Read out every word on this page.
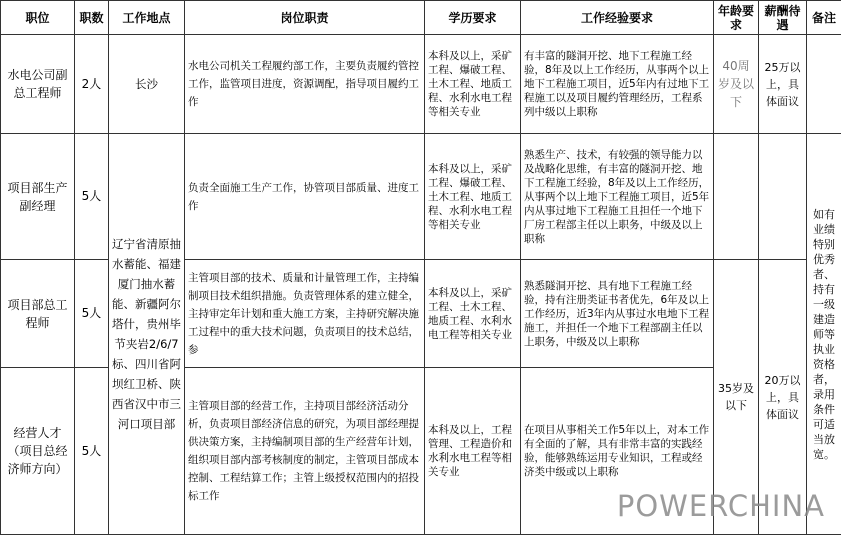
职位	职数	工作地点	岗位职责	学历要求	工作经验要求	年龄要求	薪酬待遇	备注
水电公司副总工程师	2人	长沙	水电公司机关工程履约部工作，主要负责履约管控工作，监管项目进度，资源调配，指导项目履约工作	本科及以上，采矿工程、爆破工程、土木工程、地质工程、水利水电工程等相关专业	有丰富的隧洞开挖、地下工程施工经验，8年及以上工作经历，从事两个以上地下工程施工项目，近5年内有过地下工程施工以及项目履约管理经历，工程系列中级以上职称	40周岁及以下	25万以上，具体面议	
项目部生产副经理	5人	辽宁省清原抽水蓄能、福建厦门抽水蓄能、新疆阿尔塔什，贵州毕节夹岩2/6/7标、四川省阿坝红卫桥、陕西省汉中市三河口项目部	负责全面施工生产工作，协管项目部质量、进度工作	本科及以上，采矿工程、爆破工程、土木工程、地质工程、水利水电工程等相关专业	熟悉生产、技术，有较强的领导能力以及战略化思维，有丰富的隧洞开挖、地下工程施工经验，8年及以上工作经历，从事两个以上地下工程施工项目，近5年内从事过地下工程施工且担任一个地下厂房工程部主任以上职务，中级及以上职称			如有业绩特别优秀者、持有一级建造师等执业资格者，录用条件可适当放宽。
项目部总工程师	5人		主管项目部的技术、质量和计量管理工作，主持编制项目技术组织措施。负责管理体系的建立健全，主持审定年计划和重大施工方案，主持研究解决施工过程中的重大技术问题，负责项目的技术总结，参	本科及以上，采矿工程、土木工程、地质工程、水利水电工程等相关专业	熟悉隧洞开挖、具有地下工程施工经验，持有注册类证书者优先，6年及以上工作经历，近3年内从事过水电地下工程施工，并担任一个地下工程部副主任以上职务，中级及以上职称	35岁及以下	20万以上，具体面议	
经营人才（项目总经济师方向）	5人		主管项目部的经营工作，主持项目部经济活动分析，负责项目部经济信息的研究，为项目部经理提供决策方案，主持编制项目部的生产经营年计划，组织项目部内部考核制度的制定，主管项目部成本控制、工程结算工作；主管上级授权范围内的招投标工作	本科及以上，工程管理、工程造价和水利水电工程等相关专业	在项目从事相关工作5年以上，对本工作有全面的了解，具有非常丰富的实践经验，能够熟练运用专业知识，工程或经济类中级或以上职称			
POWERCHINA
